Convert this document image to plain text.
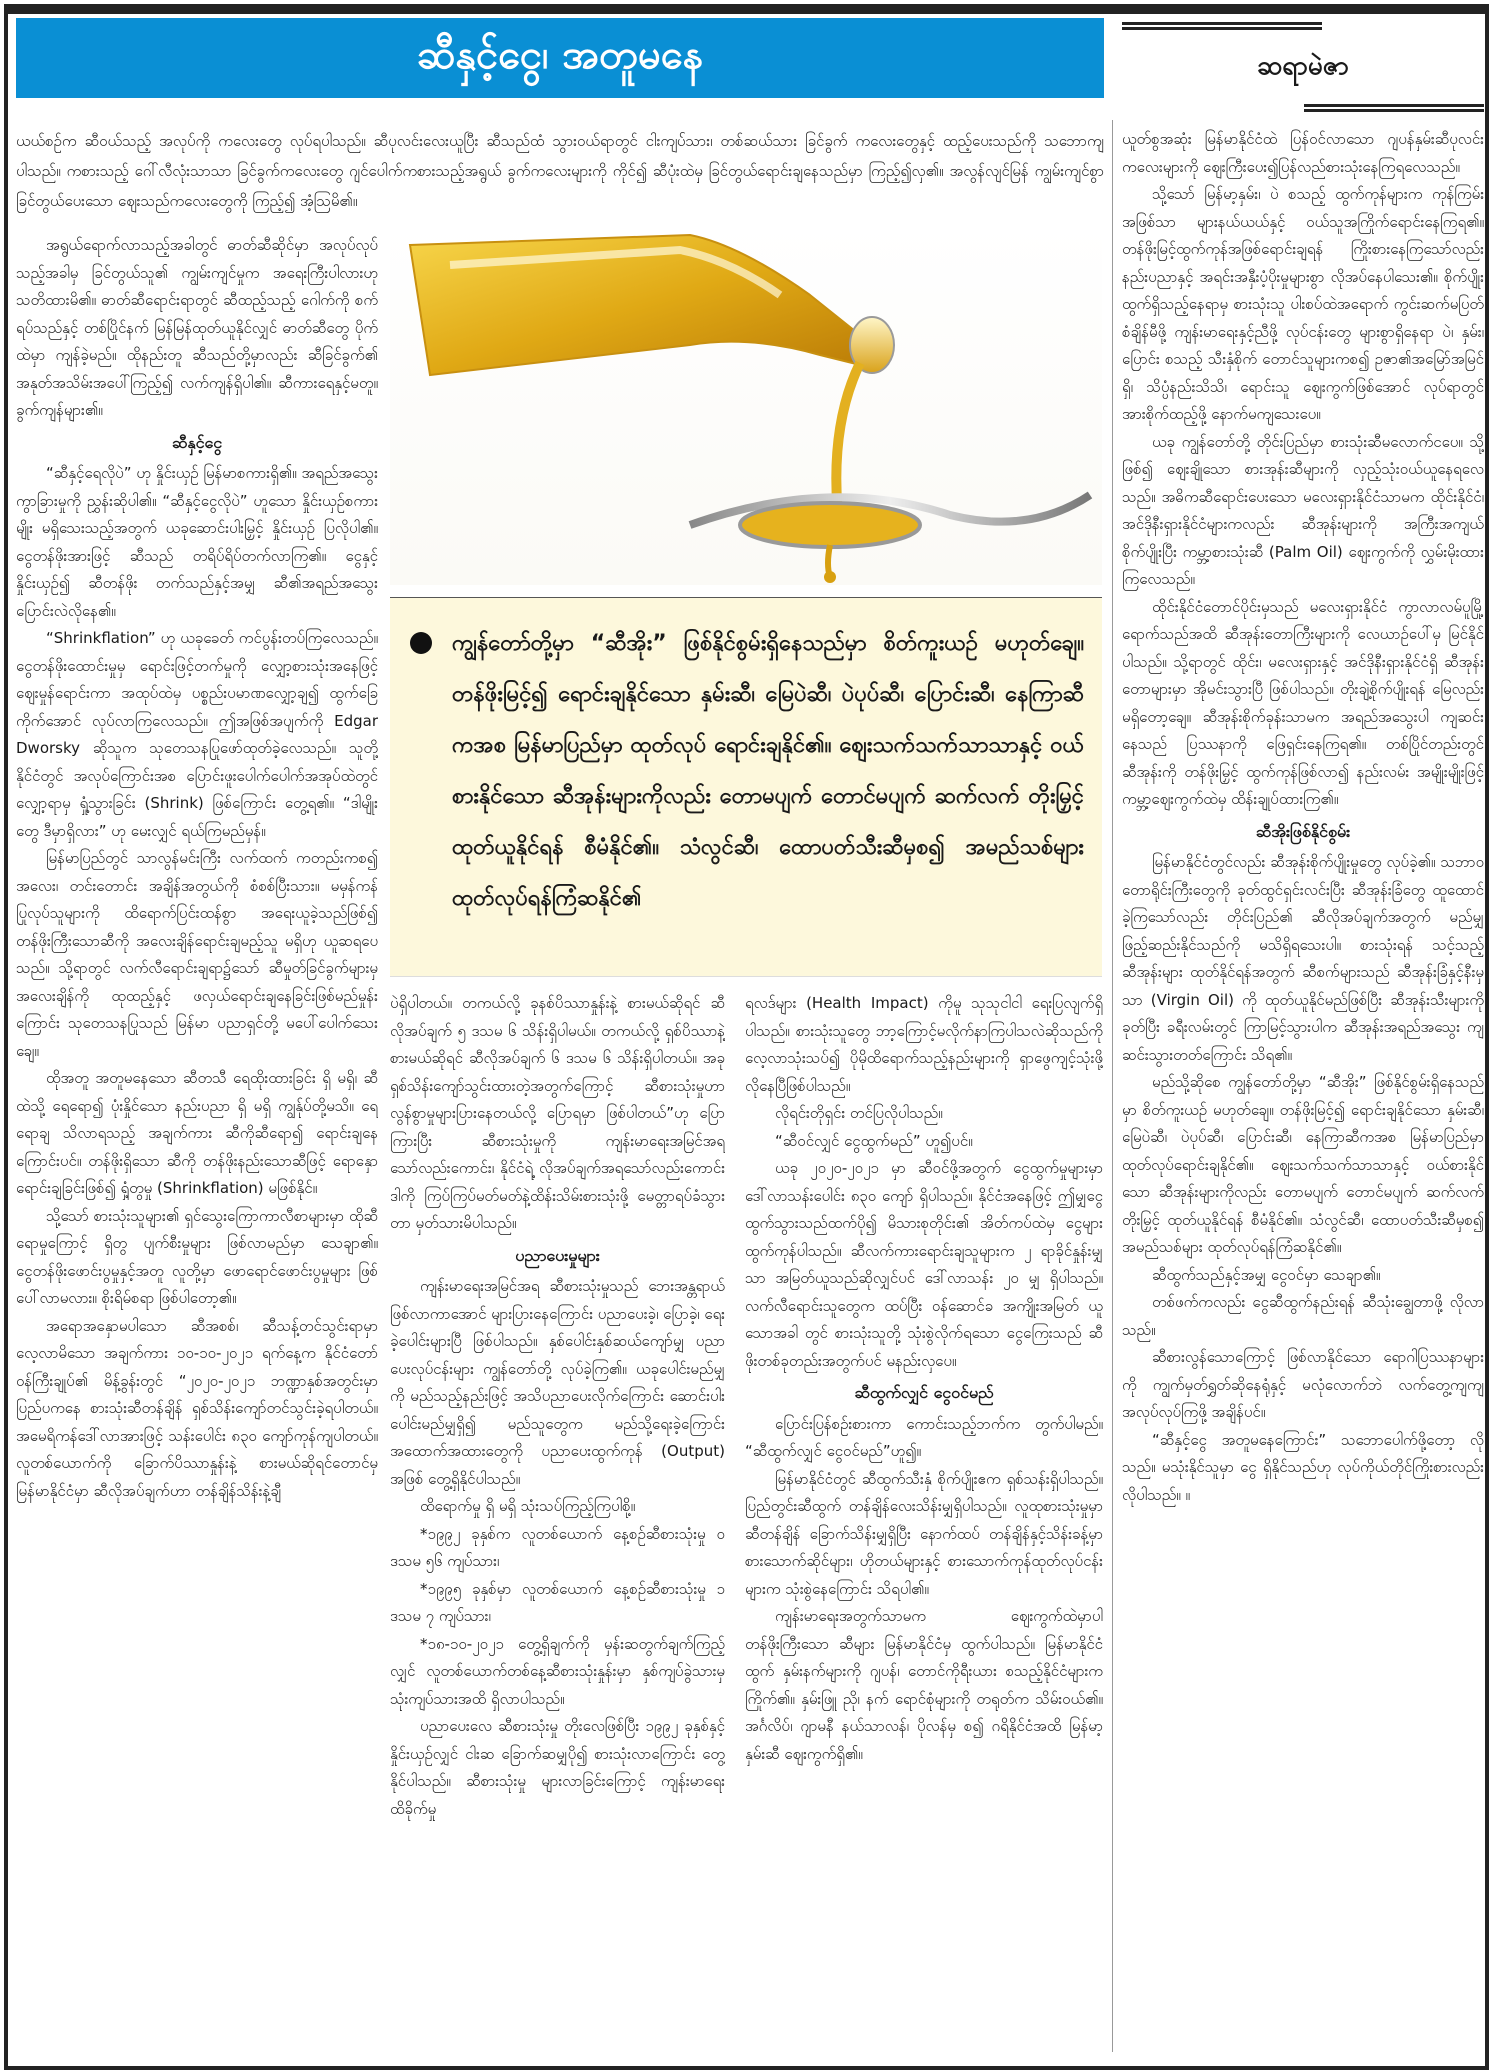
ဆီနှင့်ငွေ၊ အတူမနေ	ဆရာမဲဇာ

ယယ်စဉ်က ဆီဝယ်သည့် အလုပ်ကို ကလေးတွေ လုပ်ရပါသည်။ ဆီပုလင်းလေးယူပြီး ဆီသည်ထံ သွားဝယ်ရာတွင် ငါးကျပ်သား၊ တစ်ဆယ်သား ခြင်ခွက် ကလေးတွေနှင့် ထည့်ပေးသည်ကို သဘောကျပါသည်။ ကစားသည့် ဂေါ်လီလုံးသာသာ ခြင်ခွက်ကလေးတွေ ဂျင်ပေါက်ကစားသည့်အရွယ် ခွက်ကလေးများကို ကိုင်၍ ဆီပုံးထဲမှ ခြင်တွယ်ရောင်းချနေသည်မှာ ကြည့်၍လှ၏။ အလွန်လျင်မြန် ကျွမ်းကျင်စွာ ခြင်တွယ်ပေးသော ဈေးသည်ကလေးတွေကို ကြည့်၍ အံ့သြမိ၏။

အရွယ်ရောက်လာသည့်အခါတွင် ဓာတ်ဆီဆိုင်မှာ အလုပ်လုပ်သည့်အခါမှ ခြင်တွယ်သူ၏ ကျွမ်းကျင်မှုက အရေးကြီးပါလားဟု သတိထားမိ၏။ ဓာတ်ဆီရောင်းရာတွင် ဆီထည့်သည့် ဂေါက်ကို စက်ရပ်သည်နှင့် တစ်ပြိုင်နက် မြန်မြန်ထုတ်ယူနိုင်လျှင် ဓာတ်ဆီတွေ ပိုက်ထဲမှာ ကျန်ခဲ့မည်။ ထိုနည်းတူ ဆီသည်တို့မှာလည်း ဆီခြင်ခွက်၏ အနုတ်အသိမ်းအပေါ်ကြည့်၍ လက်ကျန်ရှိပါ၏။ ဆီကားရေနှင့်မတူ။ ခွက်ကျန်များ၏။

ဆီနှင့်ငွေ

“ဆီနှင့်ရေလိုပဲ” ဟု နှိုင်းယှဉ် မြန်မာစကားရှိ၏။ အရည်အသွေး ကွာခြားမှုကို ညွှန်းဆိုပါ၏။ “ဆီနှင့်ငွေလိုပဲ” ဟူသော နှိုင်းယှဉ်စကားမျိုး မရှိသေးသည့်အတွက် ယခုဆောင်းပါးမြှင့် နှိုင်းယှဉ် ပြလိုပါ၏။ ငွေတန်ဖိုးအားဖြင့် ဆီသည် တရိပ်ရိပ်တက်လာကြ၏။ ငွေနှင့်နှိုင်းယှဉ်၍ ဆီတန်ဖိုး တက်သည်နှင့်အမျှ ဆီ၏အရည်အသွေးပြောင်းလဲလိုနေ၏။

“Shrinkflation” ဟု ယခုခေတ် ကင်ပွန်းတပ်ကြလေသည်။ ငွေတန်ဖိုးထောင်းမှုမှ ရောင်းဖြင့်တက်မှုကို လျှော့စားသုံးအနေဖြင့် ဈေးမှုန်ရောင်းကာ အထုပ်ထဲမှ ပစ္စည်းပမာဏလျှော့ချ၍ ထွက်ခြေကိုက်အောင် လုပ်လာကြလေသည်။ ဤအဖြစ်အပျက်ကို Edgar Dworsky ဆိုသူက သုတေသနပြုဖော်ထုတ်ခဲ့လေသည်။ သူတို့နိုင်ငံတွင် အလုပ်ကြောင်းအစ ပြောင်းဖူးပေါက်ပေါက်အအုပ်ထဲတွင် လျှော့ရာမှ ရှုံ့သွားခြင်း (Shrink) ဖြစ်ကြောင်း တွေ့ရ၏။ “ဒါမျိုးတွေ ဒီမှာရှိလား” ဟု မေးလျှင် ရယ်ကြမည်မှန်။

မြန်မာပြည်တွင် သာလွန်မင်းကြီး လက်ထက် ကတည်းကစ၍ အလေး၊ တင်းတောင်း အချိန်အတွယ်ကို စံစစ်ပြီးသား။ မမှန်ကန်ပြုလုပ်သူများကို ထိရောက်ပြင်းထန်စွာ အရေးယူခဲ့သည်ဖြစ်၍ တန်ဖိုးကြီးသောဆီကို အလေးချိန်ရောင်းချမည့်သူ မရှိဟု ယူဆရပေသည်။ သို့ရာတွင် လက်လီရောင်းချရာ၌သော် ဆီမှုတ်ခြင်ခွက်များမှ အလေးချိန်ကို ထုထည့်နှင့် ဖလှယ်ရောင်းချနေခြင်းဖြစ်မည်မှုန်းကြောင်း သုတေသနပြုသည် မြန်မာ ပညာရှင်တို့ မပေါ်ပေါက်သေးချေ။

ထိုအတူ အတူမနေသော ဆီတသီ ရေထိုးထားခြင်း ရှိ မရှိ၊ ဆီထဲသို့ ရေရော၍ ပုံးနှိုင်သော နည်းပညာ ရှိ မရှိ ကျွန်ုပ်တို့မသိ။ ရေရောချ သိလာရသည့် အချက်ကား ဆီကိုဆီရော၍ ရောင်းချနေကြောင်းပင်။ တန်ဖိုးရှိသော ဆီကို တန်ဖိုးနည်းသောဆီဖြင့် ရောနှောရောင်းချခြင်းဖြစ်၍ ရှံ့တွမှု (Shrinkflation) မဖြစ်နိုင်။

သို့သော် စားသုံးသူများ၏ ရှင်သွေးကြောကာလီစာများမှာ ထိုဆီရောမှုကြောင့် ရှိတွ ပျက်စီးမှုများ ဖြစ်လာမည်မှာ သေချာ၏။ ငွေတန်ဖိုးဖောင်းပွမှုနှင့်အတူ လူတို့မှာ ဖောရောင်ဖောင်းပွမှုများ ဖြစ်ပေါ်လာမလား။ စိုးရိမ်စရာ ဖြစ်ပါတော့၏။

အရောအနှောမပါသော ဆီအစစ်၊ ဆီသန့်တင်သွင်းရာမှာ လေ့လာမိသော အချက်ကား ၁၀-၁၀-၂၀၂၁ ရက်နေ့က နိုင်ငံတော်ဝန်ကြီးချုပ်၏ မိန့်ခွန်းတွင် “၂၀၂၀-၂၀၂၁ ဘဏ္ဍာနှစ်အတွင်းမှာ ပြည်ပကနေ စားသုံးဆီတန်ချိန် ရှစ်သိန်းကျော်တင်သွင်းခဲ့ရပါတယ်။ အမေရိကန်ဒေါ်လာအားဖြင့် သန်းပေါင်း ၈၃၀ ကျော်ကုန်ကျပါတယ်။ လူတစ်ယောက်ကို ခြောက်ပိဿာနှုန်းနဲ့ စားမယ်ဆိုရင်တောင်မှ မြန်မာနိုင်ငံမှာ ဆီလိုအပ်ချက်ဟာ တန်ချိန်သိန်းနဲ့ချီ

ကျွန်တော်တို့မှာ “ဆီအိုး” ဖြစ်နိုင်စွမ်းရှိနေသည်မှာ စိတ်ကူးယဉ် မဟုတ်ချေ။ တန်ဖိုးမြင့်၍ ရောင်းချနိုင်သော နှမ်းဆီ၊ မြေပဲဆီ၊ ပဲပုပ်ဆီ၊ ပြောင်းဆီ၊ နေကြာဆီကအစ မြန်မာပြည်မှာ ထုတ်လုပ် ရောင်းချနိုင်၏။ ဈေးသက်သက်သာသာနှင့် ဝယ်စားနိုင်သော ဆီအုန်းများကိုလည်း တောမပျက် တောင်မပျက် ဆက်လက် တိုးမြှင့် ထုတ်ယူနိုင်ရန် စီမံနိုင်၏။ သံလွင်ဆီ၊ ထောပတ်သီးဆီမှစ၍ အမည်သစ်များ ထုတ်လုပ်ရန်ကြံဆနိုင်၏

ပဲရှိပါတယ်။ တကယ်လို့ ခုနစ်ပိဿာနှုန်းနဲ့ စားမယ်ဆိုရင် ဆီလိုအပ်ချက် ၅ ဒသမ ၆ သိန်းရှိပါမယ်။ တကယ်လို့ ရှစ်ပိဿာနဲ့ စားမယ်ဆိုရင် ဆီလိုအပ်ချက် ၆ ဒသမ ၆ သိန်းရှိပါတယ်။ အခု ရှစ်သိန်းကျော်သွင်းထားတဲ့အတွက်ကြောင့် ဆီစားသုံးမှုဟာ လွန်စွာမှုများပြားနေတယ်လို့ ပြောရမှာ ဖြစ်ပါတယ်”ဟု ပြောကြားပြီး ဆီစားသုံးမှုကို ကျန်းမာရေးအမြင်အရသော်လည်းကောင်း၊ နိုင်ငံရဲ့ လိုအပ်ချက်အရသော်လည်းကောင်း ဒါကို ကြပ်ကြပ်မတ်မတ်နဲ့ထိန်းသိမ်းစားသုံးဖို့ မေတ္တာရပ်ခံသွားတာ မှတ်သားမိပါသည်။

ပညာပေးမှုများ

ကျန်းမာရေးအမြင်အရ ဆီစားသုံးမှုသည် ဘေးအန္တရာယ် ဖြစ်လာကာအောင် များပြားနေကြောင်း ပညာပေးခဲ့၊ ပြောခဲ့၊ ရေးခဲ့ပေါင်းများပြီ ဖြစ်ပါသည်။ နှစ်ပေါင်းနှစ်ဆယ်ကျော်မျှ ပညာပေးလုပ်ငန်းများ ကျွန်တော်တို့ လုပ်ခဲ့ကြ၏။ ယခုပေါင်းမည်မျှကို မည်သည့်နည်းဖြင့် အသိပညာပေးလိုက်ကြောင်း ဆောင်းပါးပေါင်းမည်မျှရှိ၍ မည်သူတွေက မည်သို့ရေးခဲ့ကြောင်း အထောက်အထားတွေကို ပညာပေးထွက်ကုန် (Output) အဖြစ် တွေ့ရှိနိုင်ပါသည်။

ထိရောက်မှု ရှိ မရှိ သုံးသပ်ကြည့်ကြပါစို့။

*၁၉၉၂ ခုနှစ်က လူတစ်ယောက် နေ့စဉ်ဆီစားသုံးမှု ၀ ဒသမ ၅၆ ကျပ်သား၊

*၁၉၉၅ ခုနှစ်မှာ လူတစ်ယောက် နေ့စဉ်ဆီစားသုံးမှု ၁ ဒသမ ၇ ကျပ်သား၊

*၁၈-၁၀-၂၀၂၁ တွေ့ရှိချက်ကို မှန်းဆတွက်ချက်ကြည့်လျှင် လူတစ်ယောက်တစ်နေ့ဆီစားသုံးနှုန်းမှာ နှစ်ကျပ်ခွဲသားမှ သုံးကျပ်သားအထိ ရှိလာပါသည်။

ပညာပေးလေ ဆီစားသုံးမှု တိုးလေဖြစ်ပြီး ၁၉၉၂ ခုနှစ်နှင့် နှိုင်းယှဉ်လျှင် ငါးဆ ခြောက်ဆမျှပို၍ စားသုံးလာကြောင်း တွေ့နိုင်ပါသည်။ ဆီစားသုံးမှု များလာခြင်းကြောင့် ကျန်းမာရေးထိခိုက်မှု

ရလဒ်များ (Health Impact) ကိုမူ သုသုငါငါ ရေးပြလျက်ရှိပါသည်။ စားသုံးသူတွေ ဘာ့ကြောင့်မလိုက်နာကြပါသလဲဆိုသည်ကို လေ့လာသုံးသပ်၍ ပိုမိုထိရောက်သည့်နည်းများကို ရှာဖွေကျင့်သုံးဖို့ လိုနေပြီဖြစ်ပါသည်။

လိုရင်းတိုရှင်း တင်ပြလိုပါသည်။

“ဆီဝင်လျှင် ငွေထွက်မည်” ဟူ၍ပင်။

ယခု ၂၀၂၀-၂၀၂၁ မှာ ဆီဝင်ဖို့အတွက် ငွေထွက်မှုများမှာ ဒေါ်လာသန်းပေါင်း ၈၃၀ ကျော် ရှိပါသည်။ နိုင်ငံအနေဖြင့် ဤမျှငွေထွက်သွားသည်ထက်ပို၍ မိသားစုတိုင်း၏ အိတ်ကပ်ထဲမှ ငွေများ ထွက်ကုန်ပါသည်။ ဆီလက်ကားရောင်းချသူများက ၂ ရာခိုင်နှုန်းမျှသာ အမြတ်ယူသည်ဆိုလျှင်ပင် ဒေါ်လာသန်း ၂၀ မျှ ရှိပါသည်။ လက်လီရောင်းသူတွေက ထပ်ပြီး ဝန်ဆောင်ခ အကျိုးအမြတ် ယူသောအခါ တွင် စားသုံးသူတို့ သုံးစွဲလိုက်ရသော ငွေကြေးသည် ဆီဖိုးတစ်ခုတည်းအတွက်ပင် မနည်းလှပေ။

ဆီထွက်လျှင် ငွေဝင်မည်

ပြောင်းပြန်စဉ်းစားကာ ကောင်းသည့်ဘက်က တွက်ပါမည်။ “ဆီထွက်လျှင် ငွေဝင်မည်”ဟူ၍။

မြန်မာနိုင်ငံတွင် ဆီထွက်သီးနှံ စိုက်ပျိုးဧက ရှစ်သန်းရှိပါသည်။ ပြည်တွင်းဆီထွက် တန်ချိန်လေးသိန်းမျှရှိပါသည်။ လူထုစားသုံးမှုမှာ ဆီတန်ချိန် ခြောက်သိန်းမျှရှိပြီး နောက်ထပ် တန်ချိန်နှင့်သိန်းခန့်မှာ စားသောက်ဆိုင်များ၊ ဟိုတယ်များနှင့် စားသောက်ကုန်ထုတ်လုပ်ငန်းများက သုံးစွဲနေကြောင်း သိရပါ၏။

ကျန်းမာရေးအတွက်သာမက ဈေးကွက်ထဲမှာပါ တန်ဖိုးကြီးသော ဆီများ မြန်မာနိုင်ငံမှ ထွက်ပါသည်။ မြန်မာနိုင်ငံထွက် နှမ်းနက်များကို ဂျပန်၊ တောင်ကိုရီးယား စသည့်နိုင်ငံများက ကြိုက်၏။ နှမ်းဖြူ ညို၊ နက် ရောင်စုံများကို တရုတ်က သိမ်းဝယ်၏။ အင်္ဂလိပ်၊ ဂျာမနီ နယ်သာလန်၊ ပိုလန်မှ စ၍ ဂရိနိုင်ငံအထိ မြန်မာ့နှမ်းဆီ ဈေးကွက်ရှိ၏။

ယူတ်စွအဆုံး မြန်မာနိုင်ငံထဲ ပြန်ဝင်လာသော ဂျပန်နှမ်းဆီပုလင်းကလေးများကို ဈေးကြီးပေး၍ပြန်လည်စားသုံးနေကြရလေသည်။

သို့သော် မြန်မာ့နှမ်း၊ ပဲ စသည့် ထွက်ကုန်များက ကုန်ကြမ်းအဖြစ်သာ များနယ်ယယ်နှင့် ဝယ်သူအကြိုက်ရောင်းနေကြရ၏။ တန်ဖိုးမြင့်ထွက်ကုန်အဖြစ်ရောင်းချရန် ကြိုးစားနေကြသော်လည်း နည်းပညာနှင့် အရင်းအနှီးပံ့ပိုးမှုများစွာ လိုအပ်နေပါသေး၏။ စိုက်ပျိုးထွက်ရှိသည့်နေရာမှ စားသုံးသူ ပါးစပ်ထဲအရောက် ကွင်းဆက်မပြတ် စံချိန်မီဖို့ ကျန်းမာရေးနှင့်ညီဖို့ လုပ်ငန်းတွေ များစွာရှိနေရာ ပဲ၊ နှမ်း၊ ပြောင်း စသည့် သီးနှံစိုက် တောင်သူများကစ၍ ဥဇာ၏အမြော်အမြင်ရှိ၊ သိပ္ပံနည်းသိသိ၊ ရောင်းသူ ဈေးကွက်ဖြစ်အောင် လုပ်ရာတွင် အားစိုက်ထည့်ဖို့ နောက်မကျသေးပေ။

ယခု ကျွန်တော်တို့ တိုင်းပြည်မှာ စားသုံးဆီမလောက်ငပေ။ သို့ဖြစ်၍ ဈေးချိုသော စားအုန်းဆီများကို လှည့်သုံးဝယ်ယူနေရလေသည်။ အဓိကဆီရောင်းပေးသော မလေးရှားနိုင်ငံသာမက ထိုင်းနိုင်ငံ၊ အင်ဒိုနီးရှားနိုင်ငံများကလည်း ဆီအုန်းများကို အကြီးအကျယ် စိုက်ပျိုးပြီး ကမ္ဘာ့စားသုံးဆီ (Palm Oil) ဈေးကွက်ကို လွှမ်းမိုးထားကြလေသည်။

ထိုင်းနိုင်ငံတောင်ပိုင်းမှသည် မလေးရှားနိုင်ငံ ကွာလာလမ်ပူမြို့ ရောက်သည်အထိ ဆီအုန်းတောကြီးများကို လေယာဉ်ပေါ်မှ မြင်နိုင်ပါသည်။ သို့ရာတွင် ထိုင်း၊ မလေးရှားနှင့် အင်ဒိုနီးရှားနိုင်ငံရှိ ဆီအုန်းတောများမှာ အိုမင်းသွားပြီ ဖြစ်ပါသည်။ တိုးချဲ့စိုက်ပျိုးရန် မြေလည်း မရှိတော့ချေ။ ဆီအုန်းစိုက်ခုန်းသာမက အရည်အသွေးပါ ကျဆင်းနေသည် ပြဿနာကို ဖြေရှင်းနေကြရ၏။ တစ်ပြိုင်တည်းတွင် ဆီအုန်းကို တန်ဖိုးမြှင့် ထွက်ကုန်ဖြစ်လာ၍ နည်းလမ်း အမျိုးမျိုးဖြင့် ကမ္ဘာ့ဈေးကွက်ထဲမှ ထိန်းချုပ်ထားကြ၏။

ဆီအိုးဖြစ်နိုင်စွမ်း

မြန်မာနိုင်ငံတွင်လည်း ဆီအုန်းစိုက်ပျိုးမှုတွေ လုပ်ခဲ့၏။ သဘာဝတောရိုင်းကြီးတွေကို ခုတ်ထွင်ရှင်းလင်းပြီး ဆီအုန်းခြံတွေ ထူထောင်ခဲ့ကြသော်လည်း တိုင်းပြည်၏ ဆီလိုအပ်ချက်အတွက် မည်မျှ ဖြည့်ဆည်းနိုင်သည်ကို မသိရှိရသေးပါ။ စားသုံးရန် သင့်သည့် ဆီအုန်းများ ထုတ်နိုင်ရန်အတွက် ဆီစက်များသည် ဆီအုန်းခြံနှင့်နီးမှသာ (Virgin Oil) ကို ထုတ်ယူနိုင်မည်ဖြစ်ပြီး ဆီအုန်းသီးများကို ခုတ်ပြီး ခရီးလမ်းတွင် ကြာမြင့်သွားပါက ဆီအုန်းအရည်အသွေး ကျဆင်းသွားတတ်ကြောင်း သိရ၏။

မည်သို့ဆိုစေ ကျွန်တော်တို့မှာ “ဆီအိုး” ဖြစ်နိုင်စွမ်းရှိနေသည်မှာ စိတ်ကူးယဉ် မဟုတ်ချေ။ တန်ဖိုးမြင့်၍ ရောင်းချနိုင်သော နှမ်းဆီ၊ မြေပဲဆီ၊ ပဲပုပ်ဆီ၊ ပြောင်းဆီ၊ နေကြာဆီကအစ မြန်မာပြည်မှာ ထုတ်လုပ်ရောင်းချနိုင်၏။ ဈေးသက်သက်သာသာနှင့် ဝယ်စားနိုင်သော ဆီအုန်းများကိုလည်း တောမပျက် တောင်မပျက် ဆက်လက်တိုးမြှင့် ထုတ်ယူနိုင်ရန် စီမံနိုင်၏။ သံလွင်ဆီ၊ ထောပတ်သီးဆီမှစ၍ အမည်သစ်များ ထုတ်လုပ်ရန်ကြံဆနိုင်၏။

ဆီထွက်သည်နှင့်အမျှ ငွေဝင်မှာ သေချာ၏။

တစ်ဖက်ကလည်း ငွေဆီထွက်နည်းရန် ဆီသုံးချွေတာဖို့ လိုလာသည်။

ဆီစားလွန်သောကြောင့် ဖြစ်လာနိုင်သော ရောဂါပြဿနာများကို ကျွက်မှတ်ရွှတ်ဆိုနေရုံနှင့် မလုံလောက်ဘဲ လက်တွေ့ကျကျ အလုပ်လုပ်ကြဖို့ အချိန်ပင်။

“ဆီနှင့်ငွေ အတူမနေကြောင်း” သဘောပေါက်ဖို့တော့ လိုသည်။ မသုံးနိုင်သူမှာ ငွေ ရှိနိုင်သည်ဟု လုပ်ကိုယ်တိုင်ကြိုးစားလည်း လိုပါသည်။ ။
